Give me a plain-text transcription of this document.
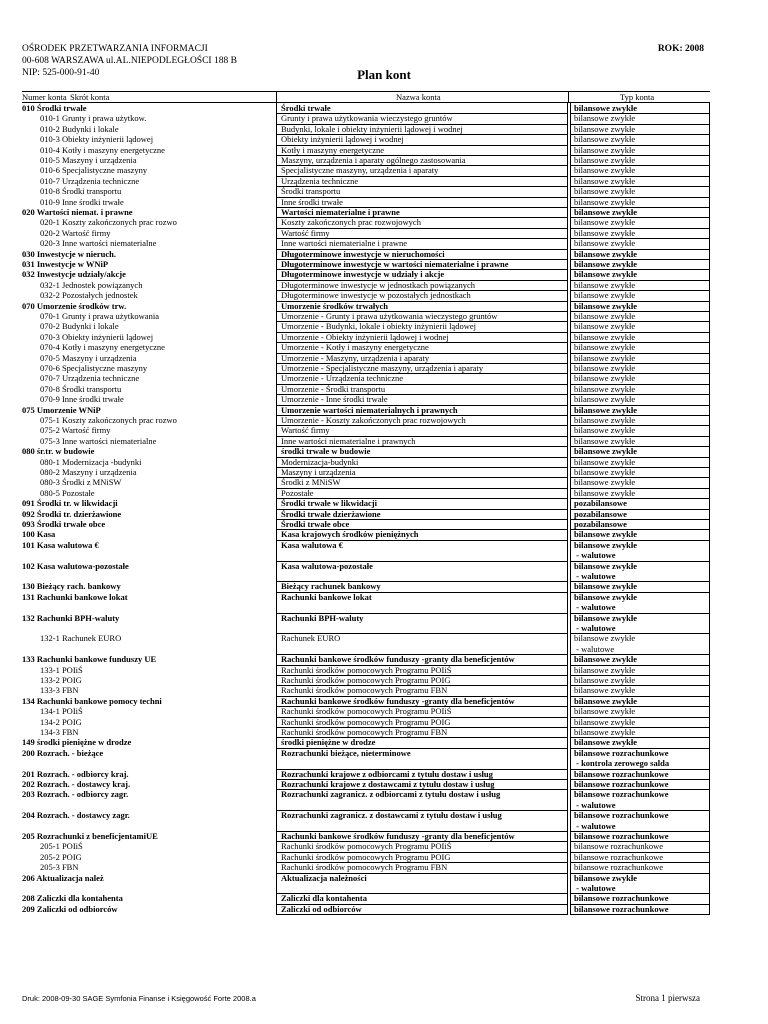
OŚRODEK PRZETWARZANIA INFORMACJI
00-608 WARSZAWA ul.AL.NIEPODLEGŁOŚCI 188 B
NIP: 525-000-91-40
ROK: 2008
Plan kont
Numer konta Skrót konta	Nazwa konta	Typ konta
010 Środki trwałe	Środki trwałe	bilansowe zwykłe
010-1 Grunty i prawa użytkow.	Grunty i prawa użytkowania wieczystego gruntów	bilansowe zwykłe
010-2 Budynki i lokale	Budynki, lokale i obiekty inżynierii lądowej i wodnej	bilansowe zwykłe
010-3 Obiekty inżynierii lądowej	Obiekty inżynierii lądowej i wodnej	bilansowe zwykłe
010-4 Kotły i maszyny energetyczne	Kotły i maszyny energetyczne	bilansowe zwykłe
010-5 Maszyny i urządzenia	Maszyny, urządzenia i aparaty ogólnego zastosowania	bilansowe zwykłe
010-6 Specjalistyczne maszyny	Specjalistyczne maszyny, urządzenia i aparaty	bilansowe zwykłe
010-7 Urządzenia techniczne	Urządzenia techniczne	bilansowe zwykłe
010-8 Środki transportu	Środki transportu	bilansowe zwykłe
010-9 Inne środki trwałe	Inne środki trwałe	bilansowe zwykłe
020 Wartości niemat. i prawne	Wartości niematerialne i prawne	bilansowe zwykłe
020-1 Koszty zakończonych prac rozwo	Koszty zakończonych prac rozwojowych	bilansowe zwykłe
020-2 Wartość firmy	Wartość firmy	bilansowe zwykłe
020-3 Inne wartości niematerialne	Inne wartości niematerialne i prawne	bilansowe zwykłe
030 Inwestycje w nieruch.	Długoterminowe inwestycje w nieruchomości	bilansowe zwykłe
031 Inwestycje w WNiP	Długoterminowe inwestycje w wartości niematerialne i prawne	bilansowe zwykłe
032 Inwestycje udziały/akcje	Długoterminowe inwestycje w udziały i akcje	bilansowe zwykłe
032-1 Jednostek powiązanych	Długoterminowe inwestycje w jednostkach powiązanych	bilansowe zwykłe
032-2 Pozostałych jednostek	Długoterminowe inwestycje w pozostałych jednostkach	bilansowe zwykłe
070 Umorzenie środków trw.	Umorzenie środków trwałych	bilansowe zwykłe
070-1 Grunty i prawa użytkowania	Umorzenie - Grunty i prawa użytkowania wieczystego gruntów	bilansowe zwykłe
070-2 Budynki i lokale	Umorzenie - Budynki, lokale i obiekty inżynierii lądowej	bilansowe zwykłe
070-3 Obiekty inżynierii lądowej	Umorzenie - Obiekty inżynierii lądowej i wodnej	bilansowe zwykłe
070-4 Kotły i maszyny energetyczne	Umorzenie - Kotły i maszyny energetyczne	bilansowe zwykłe
070-5 Maszyny i urządzenia	Umorzenie - Maszyny, urządzenia i aparaty	bilansowe zwykłe
070-6 Specjalistyczne maszyny	Umorzenie - Specjalistyczne maszyny, urządzenia i aparaty	bilansowe zwykłe
070-7 Urządzenia techniczne	Umorzenie - Urządzenia techniczne	bilansowe zwykłe
070-8 Środki transportu	Umorzenie - Środki transportu	bilansowe zwykłe
070-9 Inne środki trwałe	Umorzenie - Inne środki trwałe	bilansowe zwykłe
075 Umorzenie WNiP	Umorzenie wartości niematerialnych i prawnych	bilansowe zwykłe
075-1 Koszty zakończonych prac rozwo	Umorzenie - Koszty zakończonych prac rozwojowych	bilansowe zwykłe
075-2 Wartość firmy	Wartość firmy	bilansowe zwykłe
075-3 Inne wartości niematerialne	Inne wartości niematerialne i prawnych	bilansowe zwykłe
080 śr.tr. w budowie	środki trwałe w budowie	bilansowe zwykłe
080-1 Modernizacja -budynki	Modernizacja-budynki	bilansowe zwykłe
080-2 Maszyny i urządzenia	Maszyny i urządzenia	bilansowe zwykłe
080-3 Środki z MNiSW	Środki z MNiSW	bilansowe zwykłe
080-5 Pozostałe	Pozostałe	bilansowe zwykłe
091 Środki tr. w likwidacji	Środki trwałe w likwidacji	pozabilansowe
092 Środki tr. dzierżawione	Środki trwałe dzierżawione	pozabilansowe
093 Środki trwałe obce	Środki trwałe obce	pozabilansowe
100 Kasa	Kasa krajowych środków pieniężnych	bilansowe zwykłe
101 Kasa walutowa €	Kasa walutowa €	bilansowe zwykłe
- walutowe
102 Kasa walutowa-pozostałe	Kasa walutowa-pozostałe	bilansowe zwykłe
- walutowe
130 Bieżący rach. bankowy	Bieżący rachunek bankowy	bilansowe zwykłe
131 Rachunki bankowe lokat	Rachunki bankowe lokat	bilansowe zwykłe
- walutowe
132 Rachunki BPH-waluty	Rachunki BPH-waluty	bilansowe zwykłe
- walutowe
132-1 Rachunek EURO	Rachunek EURO	bilansowe zwykłe
- walutowe
133 Rachunki bankowe funduszy UE	Rachunki bankowe środków funduszy -granty dla beneficjentów	bilansowe zwykłe
133-1 POIiŚ	Rachunki środków pomocowych Programu POIiŚ	bilansowe zwykłe
133-2 POIG	Rachunki środków pomocowych Programu POIG	bilansowe zwykłe
133-3 FBN	Rachunki środków pomocowych Programu FBN	bilansowe zwykłe
134 Rachunki bankowe pomocy techni	Rachunki bankowe środków funduszy -granty dla beneficjentów	bilansowe zwykłe
134-1 POIiŚ	Rachunki środków pomocowych Programu POIiŚ	bilansowe zwykłe
134-2 POIG	Rachunki środków pomocowych Programu POIG	bilansowe zwykłe
134-3 FBN	Rachunki środków pomocowych Programu FBN	bilansowe zwykłe
149 środki pieniężne w drodze	środki pieniężne w drodze	bilansowe zwykłe
200 Rozrach. - bieżące	Rozrachunki bieżące, nieterminowe	bilansowe rozrachunkowe
- kontrola zerowego salda
201 Rozrach. - odbiorcy kraj.	Rozrachunki krajowe z odbiorcami z tytułu dostaw i usług	bilansowe rozrachunkowe
202 Rozrach. - dostawcy kraj.	Rozrachunki krajowe z dostawcami z tytułu dostaw i usług	bilansowe rozrachunkowe
203 Rozrach. - odbiorcy zagr.	Rozrachunki zagranicz. z odbiorcami z tytułu dostaw i usług	bilansowe rozrachunkowe
- walutowe
204 Rozrach. - dostawcy zagr.	Rozrachunki zagranicz. z dostawcami z tytułu dostaw i usług	bilansowe rozrachunkowe
- walutowe
205 Rozrachunki z beneficjentamiUE	Rachunki bankowe środków funduszy -granty dla beneficjentów	bilansowe rozrachunkowe
205-1 POIiŚ	Rachunki środków pomocowych Programu POIiŚ	bilansowe rozrachunkowe
205-2 POIG	Rachunki środków pomocowych Programu POIG	bilansowe rozrachunkowe
205-3 FBN	Rachunki środków pomocowych Programu FBN	bilansowe rozrachunkowe
206 Aktualizacja należ	Aktualizacja należności	bilansowe zwykłe
- walutowe
208 Zaliczki dla kontahenta	Zaliczki dla kontahenta	bilansowe rozrachunkowe
209 Zaliczki od odbiorców	Zaliczki od odbiorców	bilansowe rozrachunkowe
Druk: 2008-09-30 SAGE Symfonia Finanse i Księgowość Forte 2008.a	Strona 1 pierwsza
